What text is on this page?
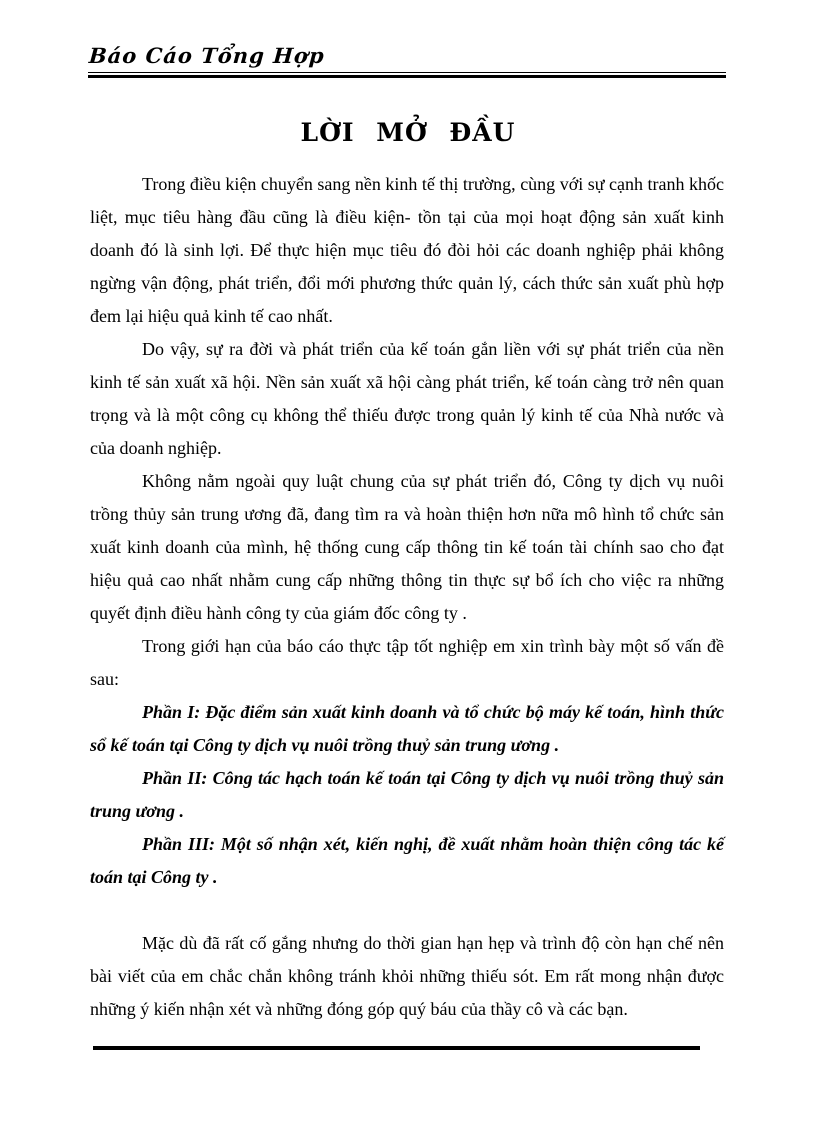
Báo Cáo Tổng Hợp
LỜI MỞ ĐẦU

Trong điều kiện chuyển sang nền kinh tế thị trường, cùng với sự cạnh tranh khốc liệt, mục tiêu hàng đầu cũng là điều kiện- tồn tại của mọi hoạt động sản xuất kinh doanh đó là sinh lợi. Để thực hiện mục tiêu đó đòi hỏi các doanh nghiệp phải không ngừng vận động, phát triển, đổi mới phương thức quản lý, cách thức sản xuất phù hợp đem lại hiệu quả kinh tế cao nhất.

Do vậy, sự ra đời và phát triển của kế toán gắn liền với sự phát triển của nền kinh tế sản xuất xã hội. Nền sản xuất xã hội càng phát triển, kế toán càng trở nên quan trọng và là một công cụ không thể thiếu được trong quản lý kinh tế của Nhà nước và của doanh nghiệp.

Không nằm ngoài quy luật chung của sự phát triển đó, Công ty dịch vụ nuôi trồng thủy sản trung ương đã, đang tìm ra và hoàn thiện hơn nữa mô hình tổ chức sản xuất kinh doanh của mình, hệ thống cung cấp thông tin kế toán tài chính sao cho đạt hiệu quả cao nhất nhằm cung cấp những thông tin thực sự bổ ích cho việc ra những quyết định điều hành công ty của giám đốc công ty .

Trong giới hạn của báo cáo thực tập tốt nghiệp em xin trình bày một số vấn đề sau:

Phần I: Đặc điểm sản xuất kinh doanh và tổ chức bộ máy kế toán, hình thức sổ kế toán tại Công ty dịch vụ nuôi trồng thuỷ sản trung ương .

Phần II: Công tác hạch toán kế toán tại Công ty dịch vụ nuôi trồng thuỷ sản trung ương .

Phần III: Một số nhận xét, kiến nghị, đề xuất nhằm hoàn thiện công tác kế toán tại Công ty .

Mặc dù đã rất cố gắng nhưng do thời gian hạn hẹp và trình độ còn hạn chế nên bài viết của em chắc chắn không tránh khỏi những thiếu sót. Em rất mong nhận được những ý kiến nhận xét và những đóng góp quý báu của thầy cô và các bạn.
